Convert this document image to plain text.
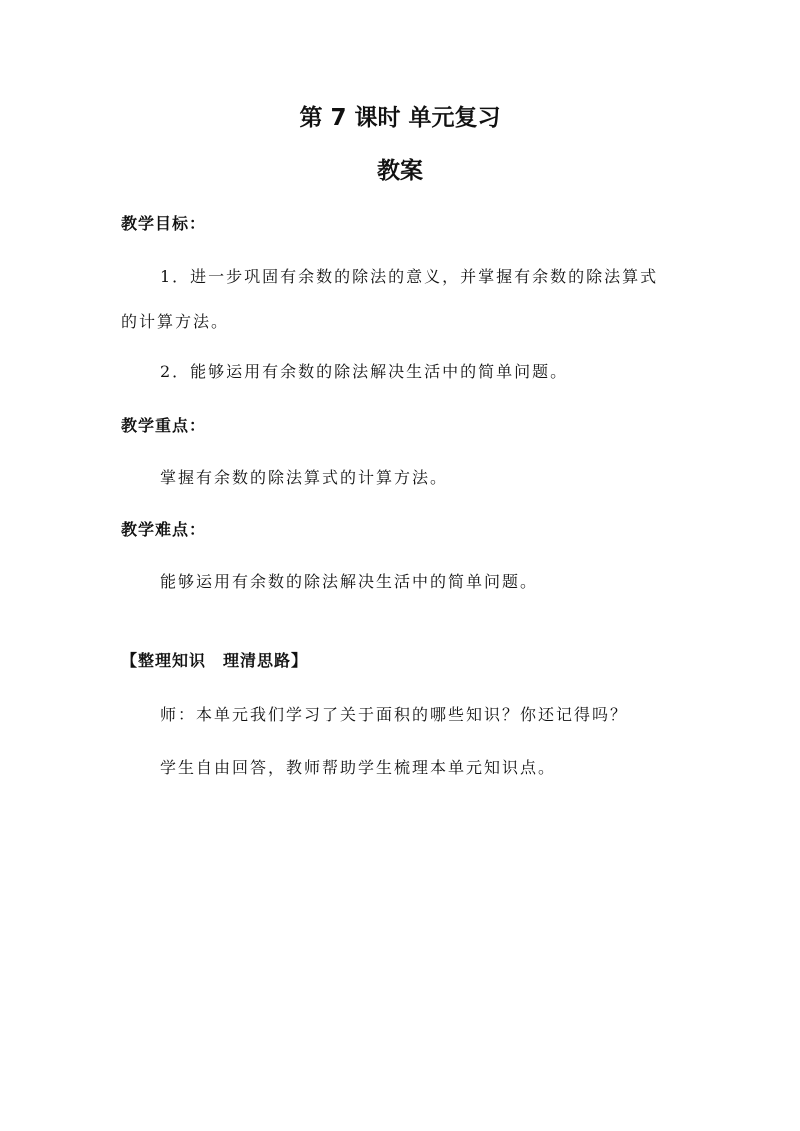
第 7 课时 单元复习
教案
教学目标：
1．进一步巩固有余数的除法的意义，并掌握有余数的除法算式
的计算方法。
2．能够运用有余数的除法解决生活中的简单问题。
教学重点：
掌握有余数的除法算式的计算方法。
教学难点：
能够运用有余数的除法解决生活中的简单问题。
【整理知识　理清思路】
师：本单元我们学习了关于面积的哪些知识？你还记得吗？
学生自由回答，教师帮助学生梳理本单元知识点。
